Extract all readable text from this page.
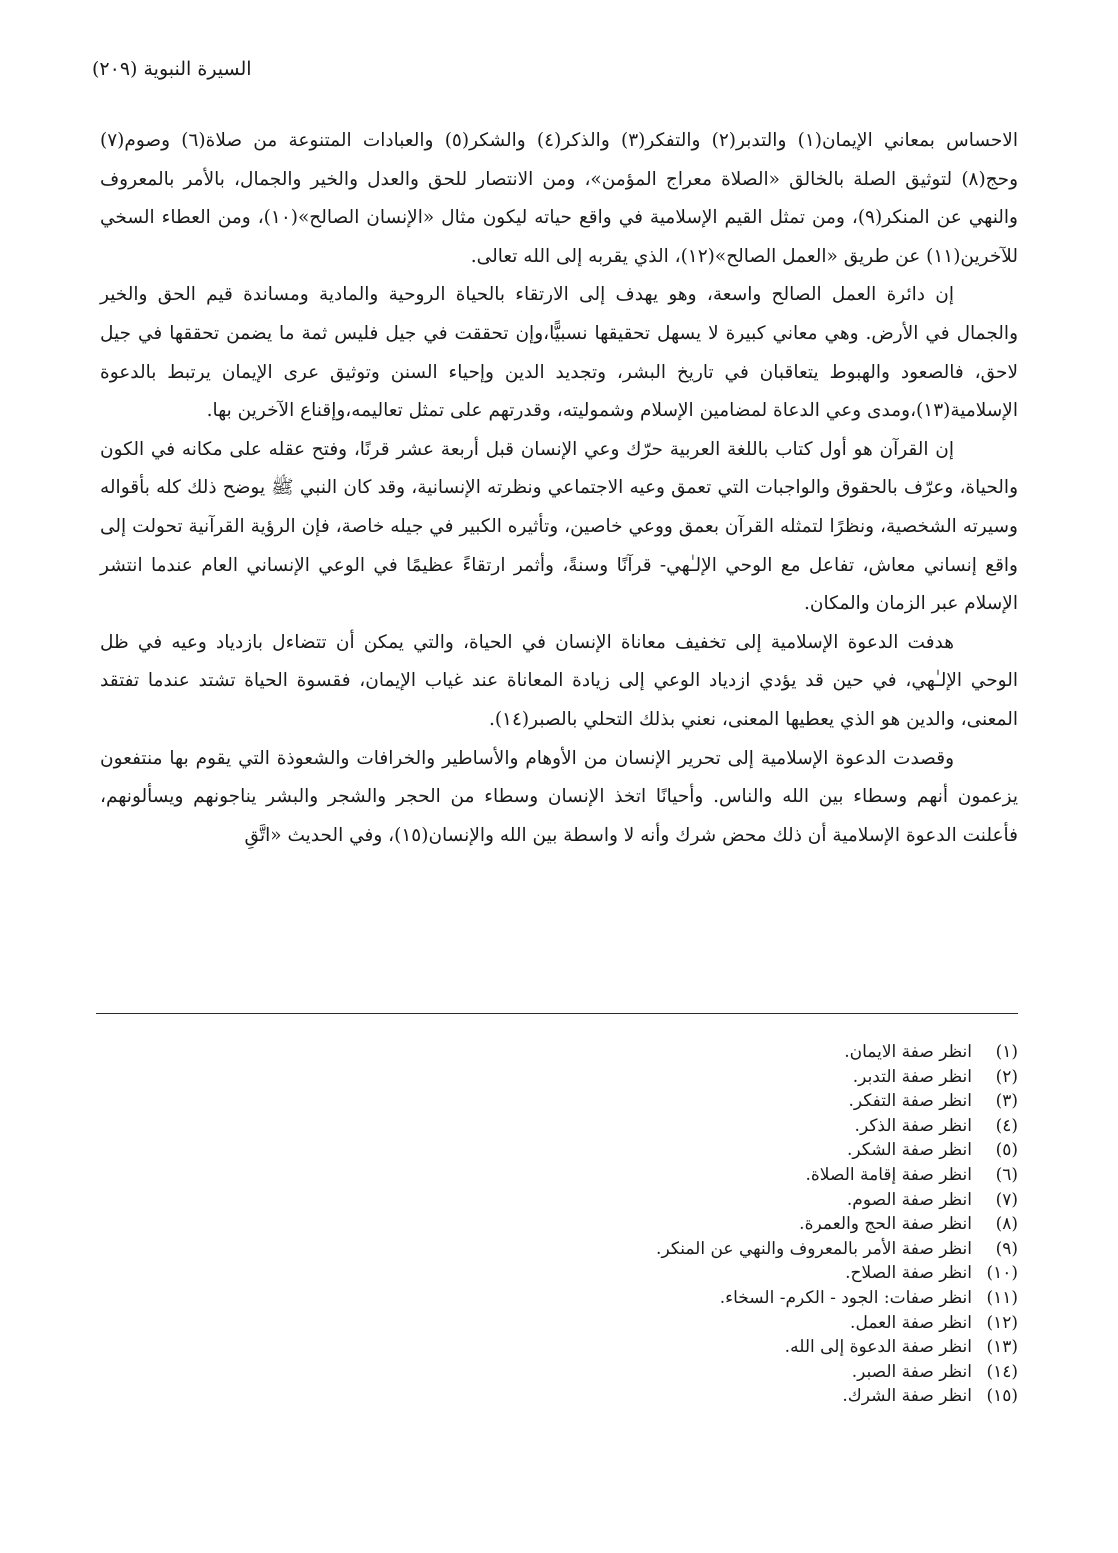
السيرة النبوية (٢٠٩)

الاحساس بمعاني الإيمان(١) والتدبر(٢) والتفكر(٣) والذكر(٤) والشكر(٥) والعبادات المتنوعة من صلاة(٦) وصوم(٧) وحج(٨) لتوثيق الصلة بالخالق «الصلاة معراج المؤمن»، ومن الانتصار للحق والعدل والخير والجمال، بالأمر بالمعروف والنهي عن المنكر(٩)، ومن تمثل القيم الإسلامية في واقع حياته ليكون مثال «الإنسان الصالح»(١٠)، ومن العطاء السخي للآخرين(١١) عن طريق «العمل الصالح»(١٢)، الذي يقربه إلى الله تعالى.

إن دائرة العمل الصالح واسعة، وهو يهدف إلى الارتقاء بالحياة الروحية والمادية ومساندة قيم الحق والخير والجمال في الأرض. وهي معاني كبيرة لا يسهل تحقيقها نسبيًّا،وإن تحققت في جيل فليس ثمة ما يضمن تحققها في جيل لاحق، فالصعود والهبوط يتعاقبان في تاريخ البشر، وتجديد الدين وإحياء السنن وتوثيق عرى الإيمان يرتبط بالدعوة الإسلامية(١٣)،ومدى وعي الدعاة لمضامين الإسلام وشموليته، وقدرتهم على تمثل تعاليمه،وإقناع الآخرين بها.

إن القرآن هو أول كتاب باللغة العربية حرّك وعي الإنسان قبل أربعة عشر قرنًا، وفتح عقله على مكانه في الكون والحياة، وعرّف بالحقوق والواجبات التي تعمق وعيه الاجتماعي ونظرته الإنسانية، وقد كان النبي ﷺ يوضح ذلك كله بأقواله وسيرته الشخصية، ونظرًا لتمثله القرآن بعمق ووعي خاصين، وتأثيره الكبير في جيله خاصة، فإن الرؤية القرآنية تحولت إلى واقع إنساني معاش، تفاعل مع الوحي الإلـٰهي- قرآنًا وسنةً، وأثمر ارتقاءً عظيمًا في الوعي الإنساني العام عندما انتشر الإسلام عبر الزمان والمكان.

هدفت الدعوة الإسلامية إلى تخفيف معاناة الإنسان في الحياة، والتي يمكن أن تتضاءل بازدياد وعيه في ظل الوحي الإلـٰهي، في حين قد يؤدي ازدياد الوعي إلى زيادة المعاناة عند غياب الإيمان، فقسوة الحياة تشتد عندما تفتقد المعنى، والدين هو الذي يعطيها المعنى، نعني بذلك التحلي بالصبر(١٤).

وقصدت الدعوة الإسلامية إلى تحرير الإنسان من الأوهام والأساطير والخرافات والشعوذة التي يقوم بها منتفعون يزعمون أنهم وسطاء بين الله والناس. وأحيانًا اتخذ الإنسان وسطاء من الحجر والشجر والبشر يناجونهم ويسألونهم، فأعلنت الدعوة الإسلامية أن ذلك محض شرك وأنه لا واسطة بين الله والإنسان(١٥)، وفي الحديث «اتَّقِ

(١)
انظر صفة الايمان.
(٢)
انظر صفة التدبر.
(٣)
انظر صفة التفكر.
(٤)
انظر صفة الذكر.
(٥)
انظر صفة الشكر.
(٦)
انظر صفة إقامة الصلاة.
(٧)
انظر صفة الصوم.
(٨)
انظر صفة الحج والعمرة.
(٩)
انظر صفة الأمر بالمعروف والنهي عن المنكر.
(١٠)
انظر صفة الصلاح.
(١١)
انظر صفات: الجود - الكرم- السخاء.
(١٢)
انظر صفة العمل.
(١٣)
انظر صفة الدعوة إلى الله.
(١٤)
انظر صفة الصبر.
(١٥)
انظر صفة الشرك.
